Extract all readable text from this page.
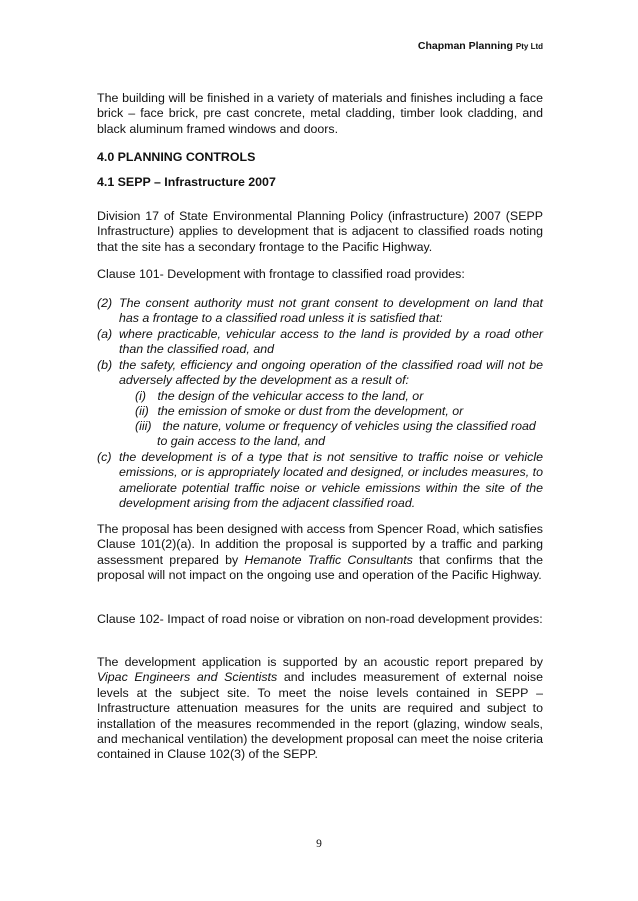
Chapman Planning Pty Ltd

The building will be finished in a variety of materials and finishes including a face brick – face brick, pre cast concrete, metal cladding, timber look cladding, and black aluminum framed windows and doors.

4.0 PLANNING CONTROLS

4.1 SEPP – Infrastructure 2007

Division 17 of State Environmental Planning Policy (infrastructure) 2007 (SEPP Infrastructure) applies to development that is adjacent to classified roads noting that the site has a secondary frontage to the Pacific Highway.

Clause 101- Development with frontage to classified road provides:

(2) The consent authority must not grant consent to development on land that has a frontage to a classified road unless it is satisfied that:
(a) where practicable, vehicular access to the land is provided by a road other than the classified road, and
(b) the safety, efficiency and ongoing operation of the classified road will not be adversely affected by the development as a result of:
(i) the design of the vehicular access to the land, or
(ii) the emission of smoke or dust from the development, or
(iii) the nature, volume or frequency of vehicles using the classified road
to gain access to the land, and
(c) the development is of a type that is not sensitive to traffic noise or vehicle emissions, or is appropriately located and designed, or includes measures, to ameliorate potential traffic noise or vehicle emissions within the site of the development arising from the adjacent classified road.

The proposal has been designed with access from Spencer Road, which satisfies Clause 101(2)(a). In addition the proposal is supported by a traffic and parking assessment prepared by Hemanote Traffic Consultants that confirms that the proposal will not impact on the ongoing use and operation of the Pacific Highway.

Clause 102- Impact of road noise or vibration on non-road development provides:

The development application is supported by an acoustic report prepared by Vipac Engineers and Scientists and includes measurement of external noise levels at the subject site. To meet the noise levels contained in SEPP – Infrastructure attenuation measures for the units are required and subject to installation of the measures recommended in the report (glazing, window seals, and mechanical ventilation) the development proposal can meet the noise criteria contained in Clause 102(3) of the SEPP.

9
